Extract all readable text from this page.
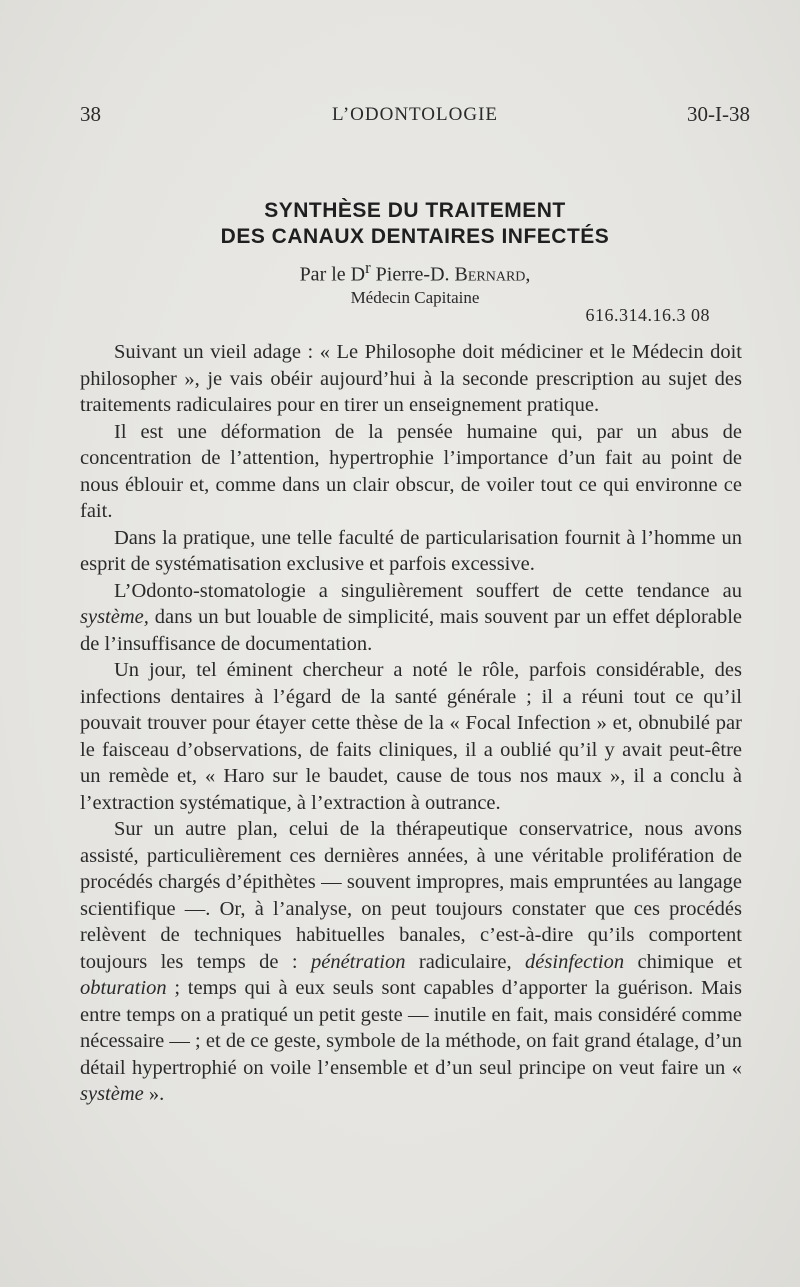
38	L’ODONTOLOGIE	30-I-38
SYNTHÈSE DU TRAITEMENT
DES CANAUX DENTAIRES INFECTÉS
Par le $D^r$ Pierre-D. Bernard,
Médecin Capitaine
616.314.16.3 08

Suivant un vieil adage : « Le Philosophe doit médiciner et le Médecin doit philosopher », je vais obéir aujourd’hui à la seconde prescription au sujet des traitements radiculaires pour en tirer un enseignement pratique.

Il est une déformation de la pensée humaine qui, par un abus de concentration de l’attention, hypertrophie l’importance d’un fait au point de nous éblouir et, comme dans un clair obscur, de voiler tout ce qui environne ce fait.

Dans la pratique, une telle faculté de particularisation fournit à l’homme un esprit de systématisation exclusive et parfois excessive.

L’Odonto-stomatologie a singulièrement souffert de cette tendance au système, dans un but louable de simplicité, mais souvent par un effet déplorable de l’insuffisance de documentation.

Un jour, tel éminent chercheur a noté le rôle, parfois considérable, des infections dentaires à l’égard de la santé générale ; il a réuni tout ce qu’il pouvait trouver pour étayer cette thèse de la « Focal Infection » et, obnubilé par le faisceau d’observations, de faits cliniques, il a oublié qu’il y avait peut-être un remède et, « Haro sur le baudet, cause de tous nos maux », il a conclu à l’extraction systématique, à l’extraction à outrance.

Sur un autre plan, celui de la thérapeutique conservatrice, nous avons assisté, particulièrement ces dernières années, à une véritable prolifération de procédés chargés d’épithètes — souvent impropres, mais empruntées au langage scientifique —. Or, à l’analyse, on peut toujours constater que ces procédés relèvent de techniques habituelles banales, c’est-à-dire qu’ils comportent toujours les temps de : pénétration radiculaire, désinfection chimique et obturation ; temps qui à eux seuls sont capables d’apporter la guérison. Mais entre temps on a pratiqué un petit geste — inutile en fait, mais considéré comme nécessaire — ; et de ce geste, symbole de la méthode, on fait grand étalage, d’un détail hypertrophié on voile l’ensemble et d’un seul principe on veut faire un « système ».
